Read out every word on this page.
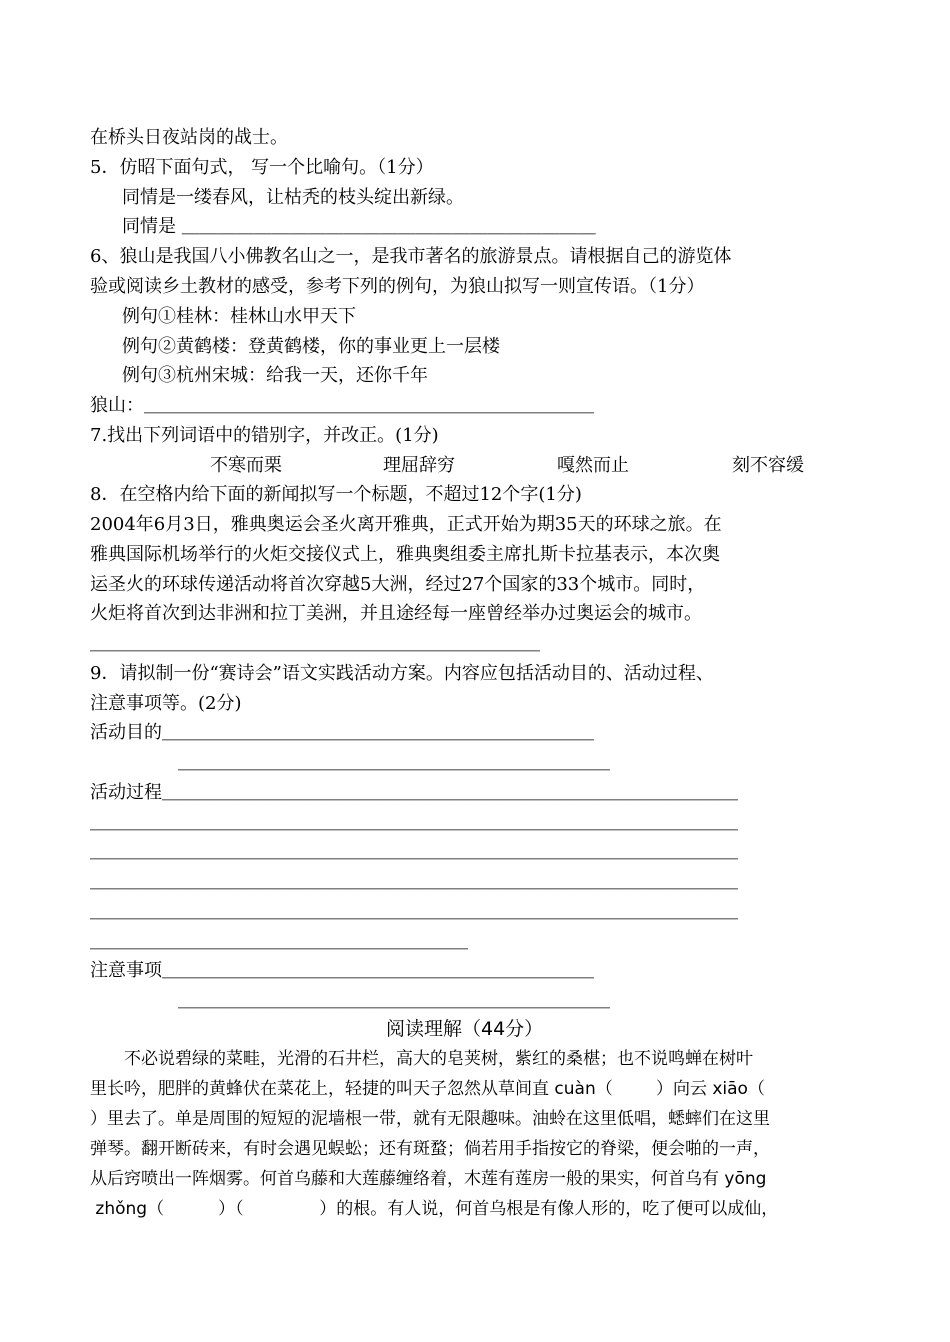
在桥头日夜站岗的战士。
5．仿昭下面句式， 写一个比喻句。（1分）
同情是一缕春风，让枯秃的枝头绽出新绿。
同情是 ＿＿＿＿＿＿＿＿＿＿＿＿＿＿＿＿＿＿＿＿＿＿＿
6、狼山是我国八小佛教名山之一，是我市著名的旅游景点。请根据自己的游览体
验或阅读乡土教材的感受，参考下列的例句，为狼山拟写一则宣传语。（1分）
例句①桂林：桂林山水甲天下
例句②黄鹤楼：登黄鹤楼，你的事业更上一层楼
例句③杭州宋城：给我一天，还你千年
狼山：＿＿＿＿＿＿＿＿＿＿＿＿＿＿＿＿＿＿＿＿＿＿＿＿＿
7.找出下列词语中的错别字，并改正。(1分)
不寒而栗	理屈辞穷	嘎然而止	刻不容缓
8．在空格内给下面的新闻拟写一个标题，不超过12个字(1分)
2004年6月3日，雅典奥运会圣火离开雅典，正式开始为期35天的环球之旅。在
雅典国际机场举行的火炬交接仪式上，雅典奥组委主席扎斯卡拉基表示，本次奥
运圣火的环球传递活动将首次穿越5大洲，经过27个国家的33个城市。同时，
火炬将首次到达非洲和拉丁美洲，并且途经每一座曾经举办过奥运会的城市。
＿＿＿＿＿＿＿＿＿＿＿＿＿＿＿＿＿＿＿＿＿＿＿＿＿
9．请拟制一份“赛诗会”语文实践活动方案。内容应包括活动目的、活动过程、
注意事项等。(2分)
活动目的＿＿＿＿＿＿＿＿＿＿＿＿＿＿＿＿＿＿＿＿＿＿＿＿
＿＿＿＿＿＿＿＿＿＿＿＿＿＿＿＿＿＿＿＿＿＿＿＿
活动过程＿＿＿＿＿＿＿＿＿＿＿＿＿＿＿＿＿＿＿＿＿＿＿＿＿＿＿＿＿＿＿＿
＿＿＿＿＿＿＿＿＿＿＿＿＿＿＿＿＿＿＿＿＿＿＿＿＿＿＿＿＿＿＿＿＿＿＿＿
＿＿＿＿＿＿＿＿＿＿＿＿＿＿＿＿＿＿＿＿＿＿＿＿＿＿＿＿＿＿＿＿＿＿＿＿
＿＿＿＿＿＿＿＿＿＿＿＿＿＿＿＿＿＿＿＿＿＿＿＿＿＿＿＿＿＿＿＿＿＿＿＿
＿＿＿＿＿＿＿＿＿＿＿＿＿＿＿＿＿＿＿＿＿＿＿＿＿＿＿＿＿＿＿＿＿＿＿＿
＿＿＿＿＿＿＿＿＿＿＿＿＿＿＿＿＿＿＿＿＿
注意事项＿＿＿＿＿＿＿＿＿＿＿＿＿＿＿＿＿＿＿＿＿＿＿＿
＿＿＿＿＿＿＿＿＿＿＿＿＿＿＿＿＿＿＿＿＿＿＿＿
阅读理解（44分）
不必说碧绿的菜畦，光滑的石井栏，高大的皂荚树，紫红的桑椹；也不说鸣蝉在树叶
里长吟，肥胖的黄蜂伏在菜花上，轻捷的叫天子忽然从草间直 cuàn（        ）向云 xiāo（
）里去了。单是周围的短短的泥墙根一带，就有无限趣味。油蛉在这里低唱，蟋蟀们在这里
弹琴。翻开断砖来，有时会遇见蜈蚣；还有斑蝥；倘若用手指按它的脊梁，便会啪的一声，
从后窍喷出一阵烟雾。何首乌藤和大莲藤缠络着，木莲有莲房一般的果实，何首乌有 yōng
zhǒng（          ）（              ）的根。有人说，何首乌根是有像人形的，吃了便可以成仙，
